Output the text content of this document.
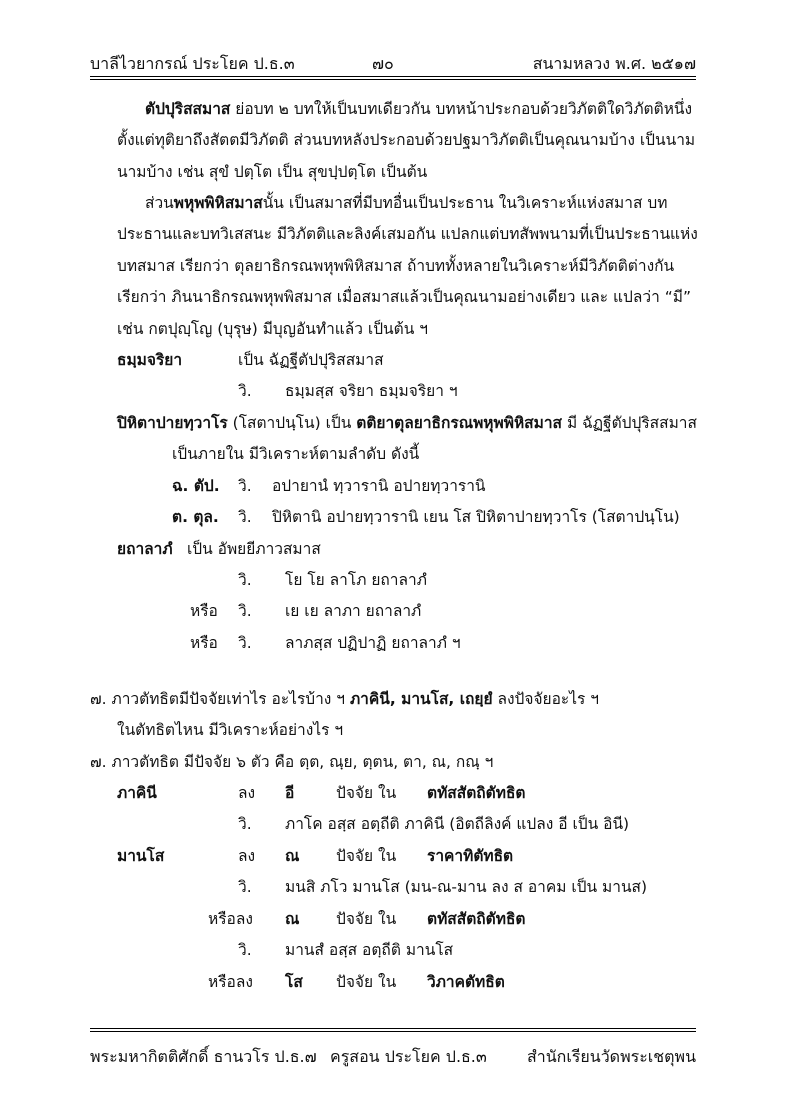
บาลีไวยากรณ์ ประโยค ป.ธ.๓	๗๐	สนามหลวง พ.ศ. ๒๕๑๗
ตัปปุริสสมาส ย่อบท ๒ บทให้เป็นบทเดียวกัน บทหน้าประกอบด้วยวิภัตติใดวิภัตติหนึ่ง
ตั้งแต่ทุติยาถึงสัตตมีวิภัตติ ส่วนบทหลังประกอบด้วยปฐมาวิภัตติเป็นคุณนามบ้าง เป็นนาม
นามบ้าง เช่น สุขํ ปตฺโต เป็น สุขปฺปตฺโต เป็นต้น
ส่วนพหุพพิหิสมาสนั้น เป็นสมาสที่มีบทอื่นเป็นประธาน ในวิเคราะห์แห่งสมาส บท
ประธานและบทวิเสสนะ มีวิภัตติและลิงค์เสมอกัน แปลกแต่บทสัพพนามที่เป็นประธานแห่ง
บทสมาส เรียกว่า ตุลยาธิกรณพหุพพิหิสมาส ถ้าบททั้งหลายในวิเคราะห์มีวิภัตติต่างกัน
เรียกว่า ภินนาธิกรณพหุพพิสมาส เมื่อสมาสแล้วเป็นคุณนามอย่างเดียว และ แปลว่า “มี”
เช่น กตปุญฺโญ (บุรุษ) มีบุญอันทำแล้ว เป็นต้น ฯ
ธมฺมจริยา	เป็น ฉัฏฐีตัปปุริสสมาส
วิ. ธมฺมสฺส จริยา ธมฺมจริยา ฯ
ปิหิตาปายทฺวาโร (โสตาปนฺโน) เป็น ตติยาตุลยาธิกรณพหุพพิหิสมาส มี ฉัฏฐีตัปปุริสสมาส
เป็นภายใน มีวิเคราะห์ตามลำดับ ดังนี้
ฉ. ตัป. วิ. อปายานํ ทฺวารานิ อปายทฺวารานิ
ต. ตุล. วิ. ปิหิตานิ อปายทฺวารานิ เยน โส ปิหิตาปายทฺวาโร (โสตาปนฺโน)
ยถาลาภํ เป็น อัพยยีภาวสมาส
วิ. โย โย ลาโภ ยถาลาภํ
หรือ วิ. เย เย ลาภา ยถาลาภํ
หรือ วิ. ลาภสฺส ปฏิปาฏิ ยถาลาภํ ฯ
๗. ภาวตัทธิตมีปัจจัยเท่าไร อะไรบ้าง ฯ ภาคินี, มานโส, เถยฺยํ ลงปัจจัยอะไร ฯ
ในตัทธิตไหน มีวิเคราะห์อย่างไร ฯ
๗. ภาวตัทธิต มีปัจจัย ๖ ตัว คือ ตฺต, ณฺย, ตฺตน, ตา, ณ, กณฺ ฯ
ภาคินี	ลง อี	ปัจจัย ใน ตทัสสัตถิตัทธิต
วิ. ภาโค อสฺส อตฺถีติ ภาคินี (อิตถีลิงค์ แปลง อี เป็น อินี)
มานโส	ลง ณ ปัจจัย ใน ราคาทิตัทธิต
วิ. มนสิ ภโว มานโส (มน-ณ-มาน ลง ส อาคม เป็น มานส)
หรือลง ณ ปัจจัย ใน ตทัสสัตถิตัทธิต
วิ. มานสํ อสฺส อตฺถีติ มานโส
หรือลง โส ปัจจัย ใน วิภาคตัทธิต
พระมหากิตติศักดิ์ ธานวโร ป.ธ.๗ ครูสอน ประโยค ป.ธ.๓	สำนักเรียนวัดพระเชตุพน
